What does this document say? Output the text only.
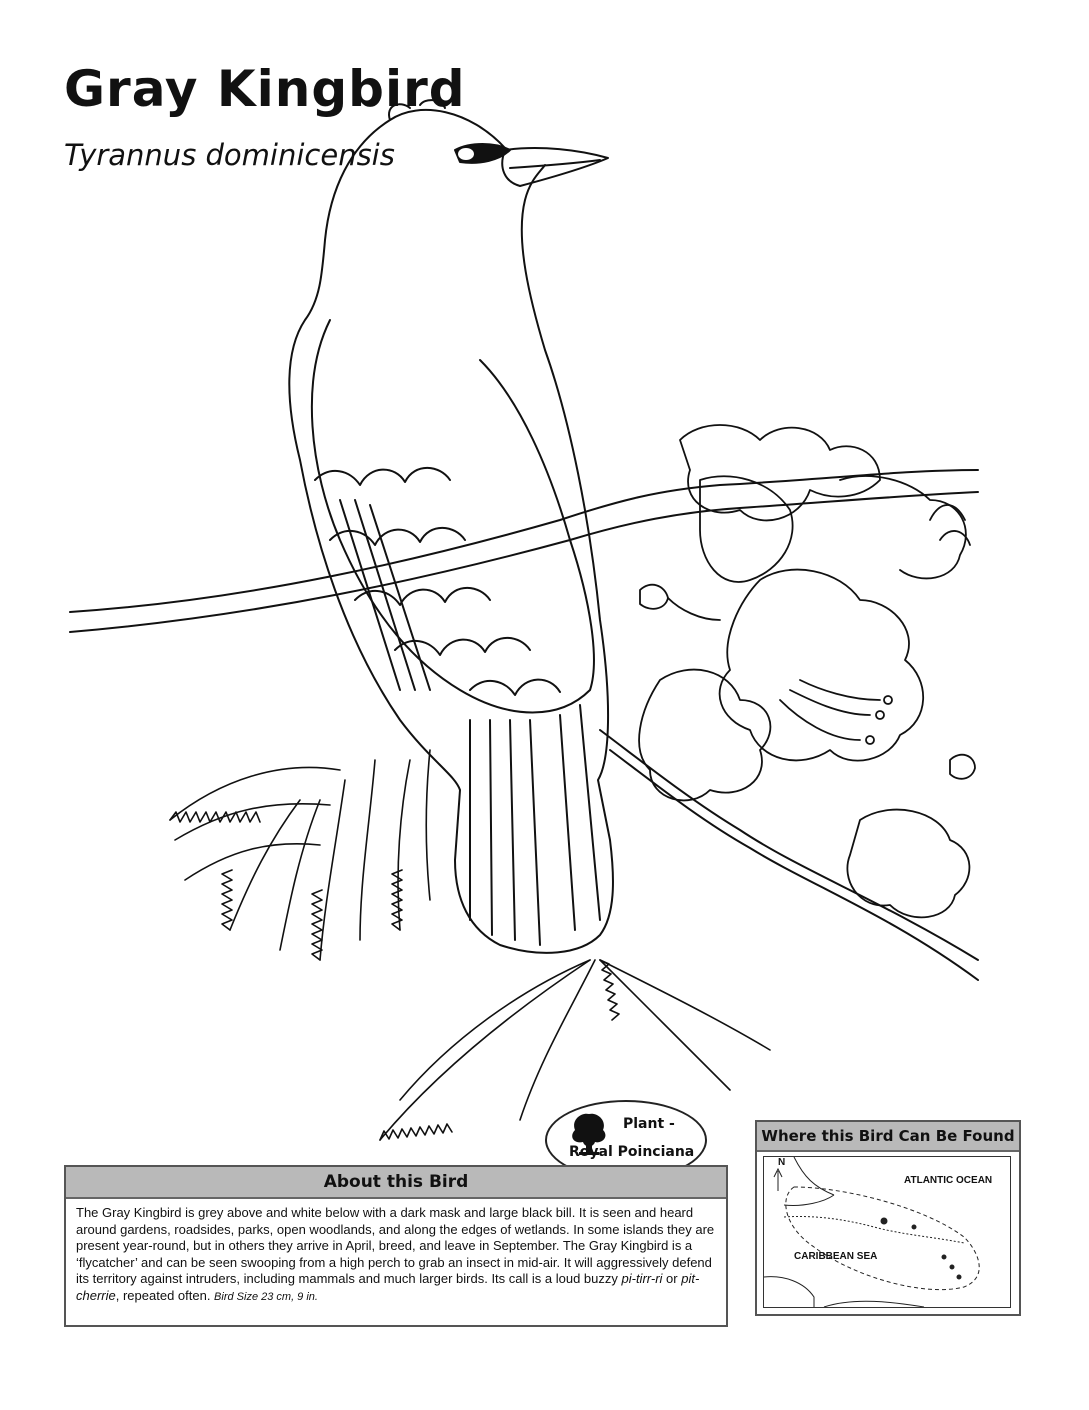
Gray Kingbird
Tyrannus dominicensis
Plant -
Royal Poinciana
About this Bird
The Gray Kingbird is grey above and white below with a dark mask and large black bill. It is seen and heard around gardens, roadsides, parks, open woodlands, and along the edges of wetlands. In some islands they are present year-round, but in others they arrive in April, breed, and leave in September. The Gray Kingbird is a ‘flycatcher’ and can be seen swooping from a high perch to grab an insect in mid-air. It will aggressively defend its territory against intruders, including mammals and much larger birds. Its call is a loud buzzy pi-tirr-ri or pit-cherrie, repeated often. Bird Size 23 cm, 9 in.
Where this Bird Can Be Found
N
ATLANTIC OCEAN
CARIBBEAN SEA
